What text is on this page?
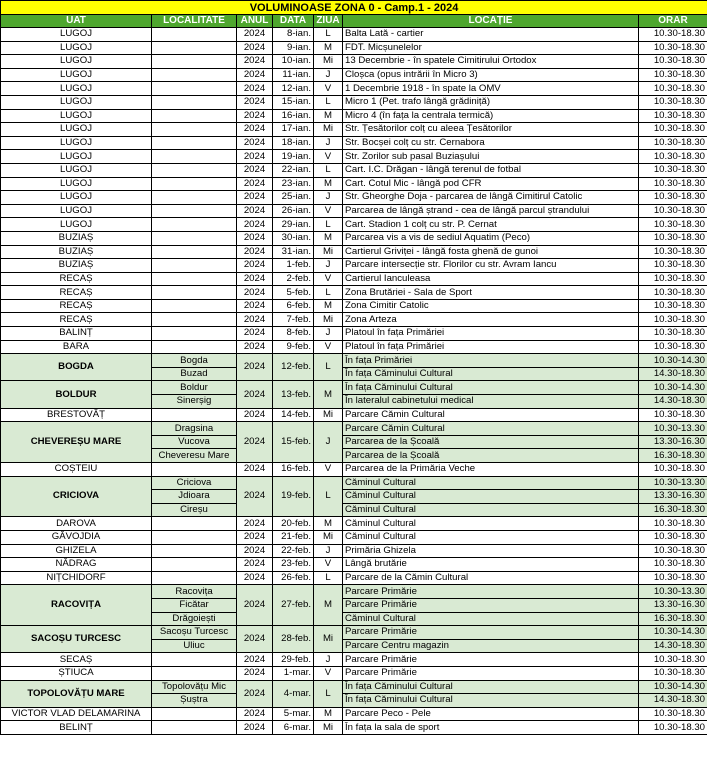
VOLUMINOASE ZONA 0 - Camp.1 - 2024						
UAT	LOCALITATE	ANUL	DATA	ZIUA	LOCAȚIE	ORAR
LUGOJ		2024	8-ian.	L	Balta Lată - cartier	10.30-18.30
LUGOJ		2024	9-ian.	M	FDT. Micșunelelor	10.30-18.30
LUGOJ		2024	10-ian.	Mi	13 Decembrie - în spatele Cimitirului Ortodox	10.30-18.30
LUGOJ		2024	11-ian.	J	Cloșca (opus intrării în Micro 3)	10.30-18.30
LUGOJ		2024	12-ian.	V	1 Decembrie 1918 - în spate la OMV	10.30-18.30
LUGOJ		2024	15-ian.	L	Micro 1 (Pet. trafo lângă grădiniță)	10.30-18.30
LUGOJ		2024	16-ian.	M	Micro 4 (în fața la centrala termică)	10.30-18.30
LUGOJ		2024	17-ian.	Mi	Str. Țesătorilor colț cu aleea Țesătorilor	10.30-18.30
LUGOJ		2024	18-ian.	J	Str. Bocșei colț cu str. Cernabora	10.30-18.30
LUGOJ		2024	19-ian.	V	Str. Zorilor sub pasal Buziașului	10.30-18.30
LUGOJ		2024	22-ian.	L	Cart. I.C. Drăgan - lângă terenul de fotbal	10.30-18.30
LUGOJ		2024	23-ian.	M	Cart. Cotul Mic - lângă pod CFR	10.30-18.30
LUGOJ		2024	25-ian.	J	Str. Gheorghe Doja - parcarea de lângă Cimitirul Catolic	10.30-18.30
LUGOJ		2024	26-ian.	V	Parcarea de lângă ștrand - cea de lângă parcul ștrandului	10.30-18.30
LUGOJ		2024	29-ian.	L	Cart. Stadion 1 colț cu str. P. Cernat	10.30-18.30
BUZIAȘ		2024	30-ian.	M	Parcarea vis a vis de sediul Aquatim (Peco)	10.30-18.30
BUZIAȘ		2024	31-ian.	Mi	Cartierul Griviței - lângă fosta ghenă de gunoi	10.30-18.30
BUZIAȘ		2024	1-feb.	J	Parcare intersecție str. Florilor cu str. Avram Iancu	10.30-18.30
RECAȘ		2024	2-feb.	V	Cartierul Ianculeasa	10.30-18.30
RECAȘ		2024	5-feb.	L	Zona Brutăriei - Sala de Sport	10.30-18.30
RECAȘ		2024	6-feb.	M	Zona Cimitir Catolic	10.30-18.30
RECAȘ		2024	7-feb.	Mi	Zona Arteza	10.30-18.30
BALINȚ		2024	8-feb.	J	Platoul în fața Primăriei	10.30-18.30
BARA		2024	9-feb.	V	Platoul în fața Primăriei	10.30-18.30
BOGDA	Bogda	2024	12-feb.	L	În fața Primăriei	10.30-14.30
	Buzad				În fața Căminului Cultural	14.30-18.30
BOLDUR	Boldur	2024	13-feb.	M	În fața Căminului Cultural	10.30-14.30
	Sinerșig				În lateralul cabinetului medical	14.30-18.30
BRESTOVĂȚ		2024	14-feb.	Mi	Parcare Cămin Cultural	10.30-18.30
CHEVEREȘU MARE	Dragsina	2024	15-feb.	J	Parcare Cămin Cultural	10.30-13.30
	Vucova				Parcarea de la Școală	13.30-16.30
	Cheveresu Mare				Parcarea de la Școală	16.30-18.30
COȘTEIU		2024	16-feb.	V	Parcarea de la Primăria Veche	10.30-18.30
CRICIOVA	Criciova	2024	19-feb.	L	Căminul Cultural	10.30-13.30
	Jdioara				Căminul Cultural	13.30-16.30
	Cireșu				Căminul Cultural	16.30-18.30
DAROVA		2024	20-feb.	M	Căminul Cultural	10.30-18.30
GĂVOJDIA		2024	21-feb.	Mi	Căminul Cultural	10.30-18.30
GHIZELA		2024	22-feb.	J	Primăria Ghizela	10.30-18.30
NĂDRAG		2024	23-feb.	V	Lângă brutărie	10.30-18.30
NIȚCHIDORF		2024	26-feb.	L	Parcare de la Cămin Cultural	10.30-18.30
RACOVIȚA	Racovița	2024	27-feb.	M	Parcare Primărie	10.30-13.30
	Ficătar				Parcare Primărie	13.30-16.30
	Drăgoiești				Căminul Cultural	16.30-18.30
SACOȘU TURCESC	Sacoșu Turcesc	2024	28-feb.	Mi	Parcare Primărie	10.30-14.30
	Uliuc				Parcare Centru magazin	14.30-18.30
SECAȘ		2024	29-feb.	J	Parcare Primărie	10.30-18.30
ȘTIUCA		2024	1-mar.	V	Parcare Primărie	10.30-18.30
TOPOLOVĂȚU MARE	Topolovățu Mic	2024	4-mar.	L	În fața Căminului Cultural	10.30-14.30
	Șuștra				În fața Căminului Cultural	14.30-18.30
VICTOR VLAD DELAMARINA		2024	5-mar.	M	Parcare Peco - Pele	10.30-18.30
BELINȚ		2024	6-mar.	Mi	În fața la sala de sport	10.30-18.30
